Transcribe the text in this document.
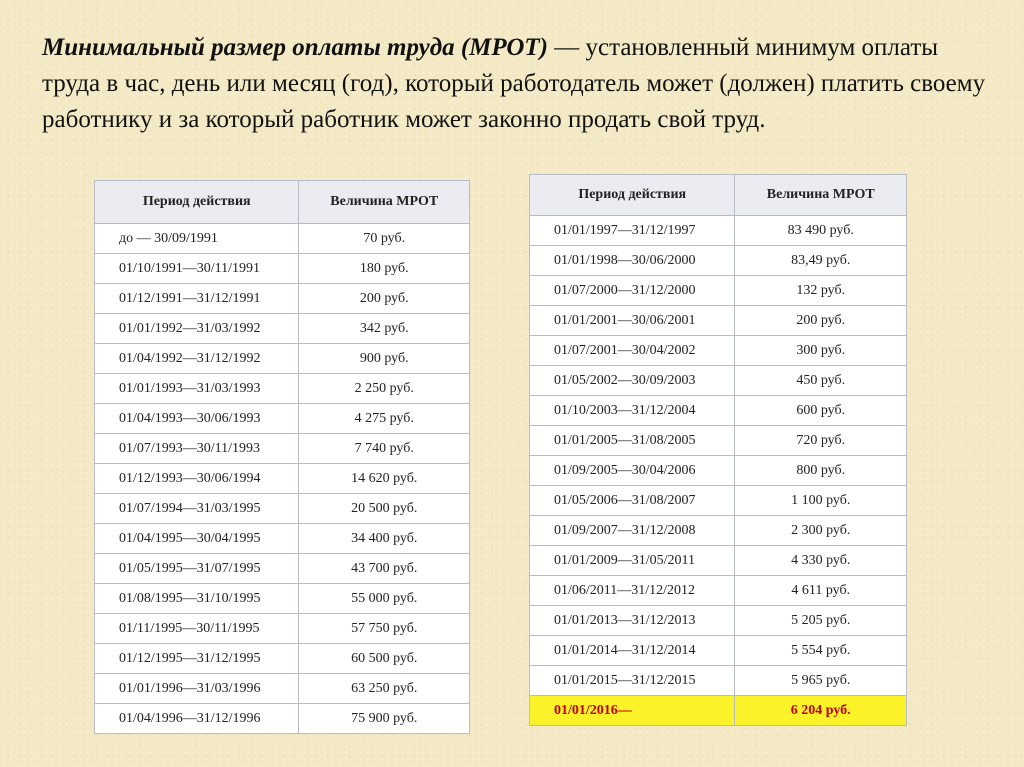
Минимальный размер оплаты труда (МРОТ) — установленный минимум оплаты труда в час, день или месяц (год), который работодатель может (должен) платить своему работнику и за который работник может законно продать свой труд.

Период действия	Величина МРОТ
до — 30/09/1991	70 руб.
01/10/1991—30/11/1991	180 руб.
01/12/1991—31/12/1991	200 руб.
01/01/1992—31/03/1992	342 руб.
01/04/1992—31/12/1992	900 руб.
01/01/1993—31/03/1993	2 250 руб.
01/04/1993—30/06/1993	4 275 руб.
01/07/1993—30/11/1993	7 740 руб.
01/12/1993—30/06/1994	14 620 руб.
01/07/1994—31/03/1995	20 500 руб.
01/04/1995—30/04/1995	34 400 руб.
01/05/1995—31/07/1995	43 700 руб.
01/08/1995—31/10/1995	55 000 руб.
01/11/1995—30/11/1995	57 750 руб.
01/12/1995—31/12/1995	60 500 руб.
01/01/1996—31/03/1996	63 250 руб.
01/04/1996—31/12/1996	75 900 руб.
Период действия	Величина МРОТ
01/01/1997—31/12/1997	83 490 руб.
01/01/1998—30/06/2000	83,49 руб.
01/07/2000—31/12/2000	132 руб.
01/01/2001—30/06/2001	200 руб.
01/07/2001—30/04/2002	300 руб.
01/05/2002—30/09/2003	450 руб.
01/10/2003—31/12/2004	600 руб.
01/01/2005—31/08/2005	720 руб.
01/09/2005—30/04/2006	800 руб.
01/05/2006—31/08/2007	1 100 руб.
01/09/2007—31/12/2008	2 300 руб.
01/01/2009—31/05/2011	4 330 руб.
01/06/2011—31/12/2012	4 611 руб.
01/01/2013—31/12/2013	5 205 руб.
01/01/2014—31/12/2014	5 554 руб.
01/01/2015—31/12/2015	5 965 руб.
01/01/2016—	6 204 руб.
